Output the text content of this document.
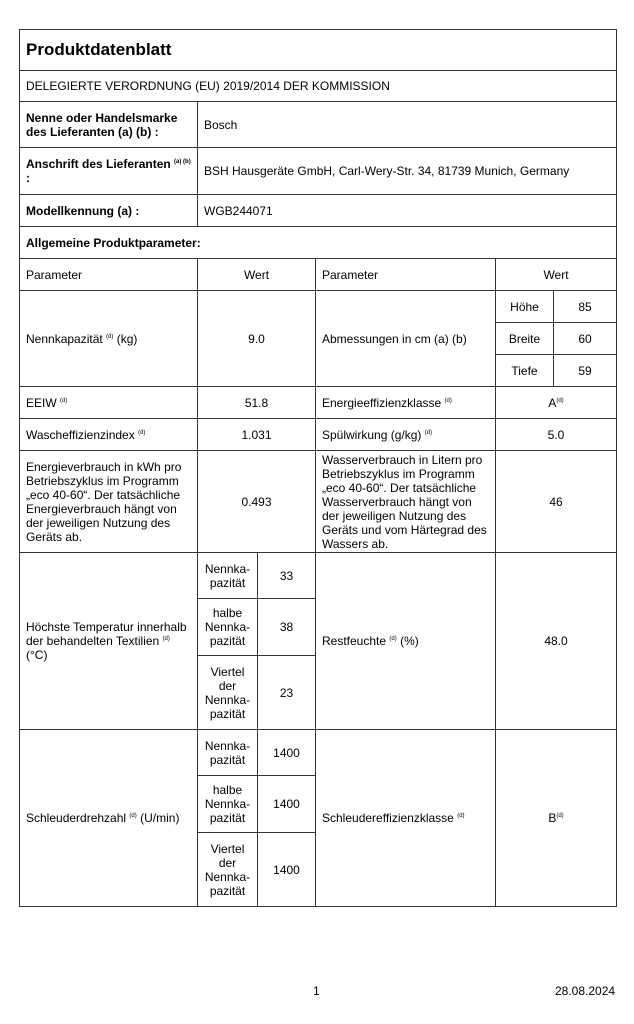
Produktdatenblatt					
DELEGIERTE VERORDNUNG (EU) 2019/2014 DER KOMMISSION					
Nenne oder Handelsmarke des Lieferanten (a) (b) :	Bosch				
Anschrift des Lieferanten $^{(a) (b)}$ :	BSH Hausgeräte GmbH, Carl-Wery-Str. 34, 81739 Munich, Germany				
Modellkennung (a) :	WGB244071				
Allgemeine Produktparameter:					
Parameter	Wert		Parameter	Wert	
Nennkapazität $^{(d)}$ (kg)	9.0		Abmessungen in cm (a) (b)	Höhe	85
				Breite	60
				Tiefe	59
EEIW $^{(d)}$	51.8		Energieeffizienzklasse $^{(d)}$	$A^{(d)}$
Wascheffizienzindex $^{(d)}$	1.031		Spülwirkung (g/kg) $^{(d)}$	5.0	
Energieverbrauch in kWh pro Betriebszyklus im Programm „eco 40-60“. Der tatsächliche Energieverbrauch hängt von der jeweiligen Nutzung des Geräts ab.	0.493		Wasserverbrauch in Litern pro Betriebszyklus im Programm „eco 40-60“. Der tatsächliche Wasserverbrauch hängt von der jeweiligen Nutzung des Geräts und vom Härtegrad des Wassers ab.	46	
Höchste Temperatur innerhalb der behandelten Textilien $^{(d)}$ (°C)	Nennka-pazität	33	Restfeuchte $^{(d)}$ (%)	48.0	
	halbe Nennka-pazität	38			
	Viertel der Nennka-pazität	23			
Schleuderdrehzahl $^{(d)}$ (U/min)	Nennka-pazität	1400	Schleudereffizienzklasse $^{(d)}$	$B^{(d)}$
	halbe Nennka-pazität	1400			
	Viertel der Nennka-pazität	1400			
1	28.08.2024
